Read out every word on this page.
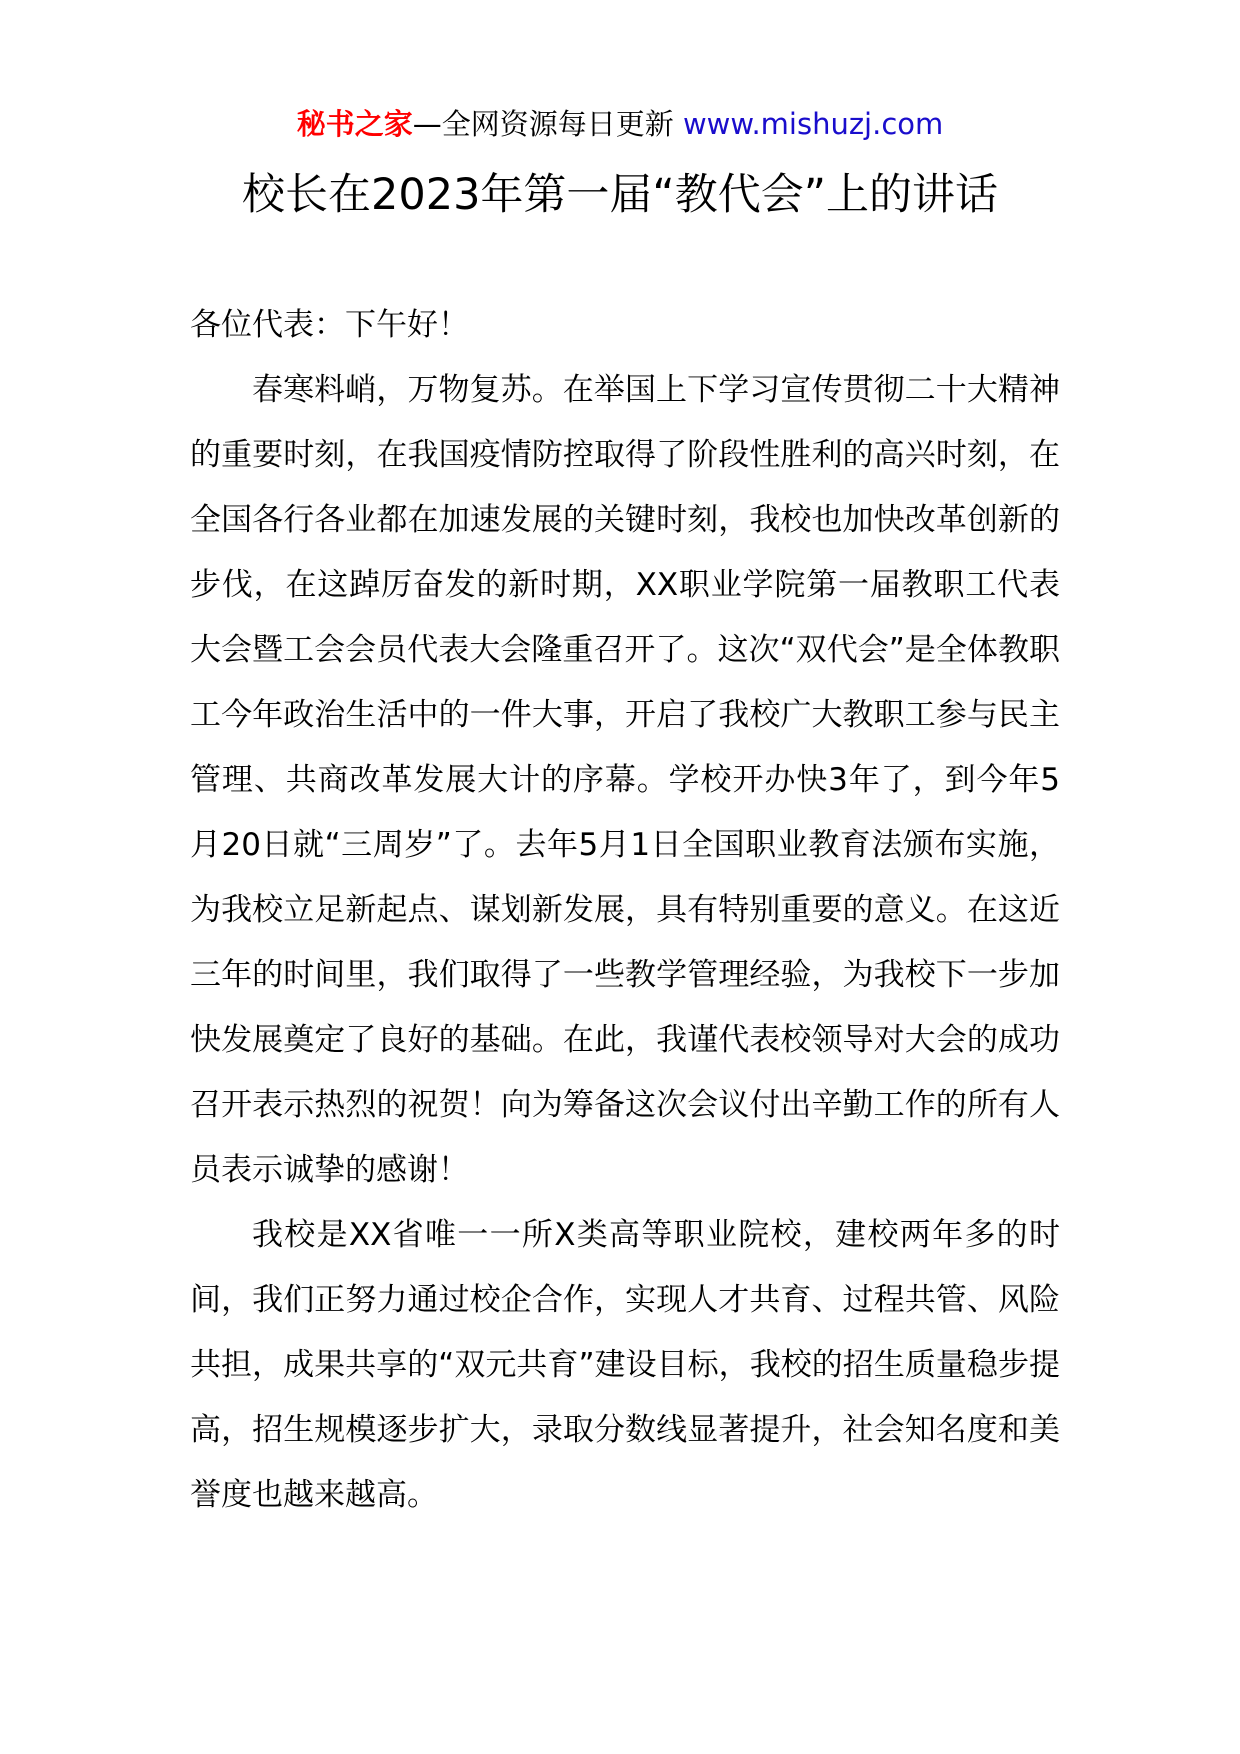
秘书之家—全网资源每日更新 www.mishuzj.com
校长在2023年第一届“教代会”上的讲话

各位代表：下午好！

春寒料峭，万物复苏。在举国上下学习宣传贯彻二十大精神的重要时刻，在我国疫情防控取得了阶段性胜利的高兴时刻，在全国各行各业都在加速发展的关键时刻，我校也加快改革创新的步伐，在这踔厉奋发的新时期，XX职业学院第一届教职工代表大会暨工会会员代表大会隆重召开了。这次“双代会”是全体教职工今年政治生活中的一件大事，开启了我校广大教职工参与民主管理、共商改革发展大计的序幕。学校开办快3年了，到今年5月20日就“三周岁”了。去年5月1日全国职业教育法颁布实施，为我校立足新起点、谋划新发展，具有特别重要的意义。在这近三年的时间里，我们取得了一些教学管理经验，为我校下一步加快发展奠定了良好的基础。在此，我谨代表校领导对大会的成功召开表示热烈的祝贺！向为筹备这次会议付出辛勤工作的所有人员表示诚挚的感谢！

我校是XX省唯一一所X类高等职业院校，建校两年多的时间，我们正努力通过校企合作，实现人才共育、过程共管、风险共担，成果共享的“双元共育”建设目标，我校的招生质量稳步提高，招生规模逐步扩大，录取分数线显著提升，社会知名度和美誉度也越来越高。
